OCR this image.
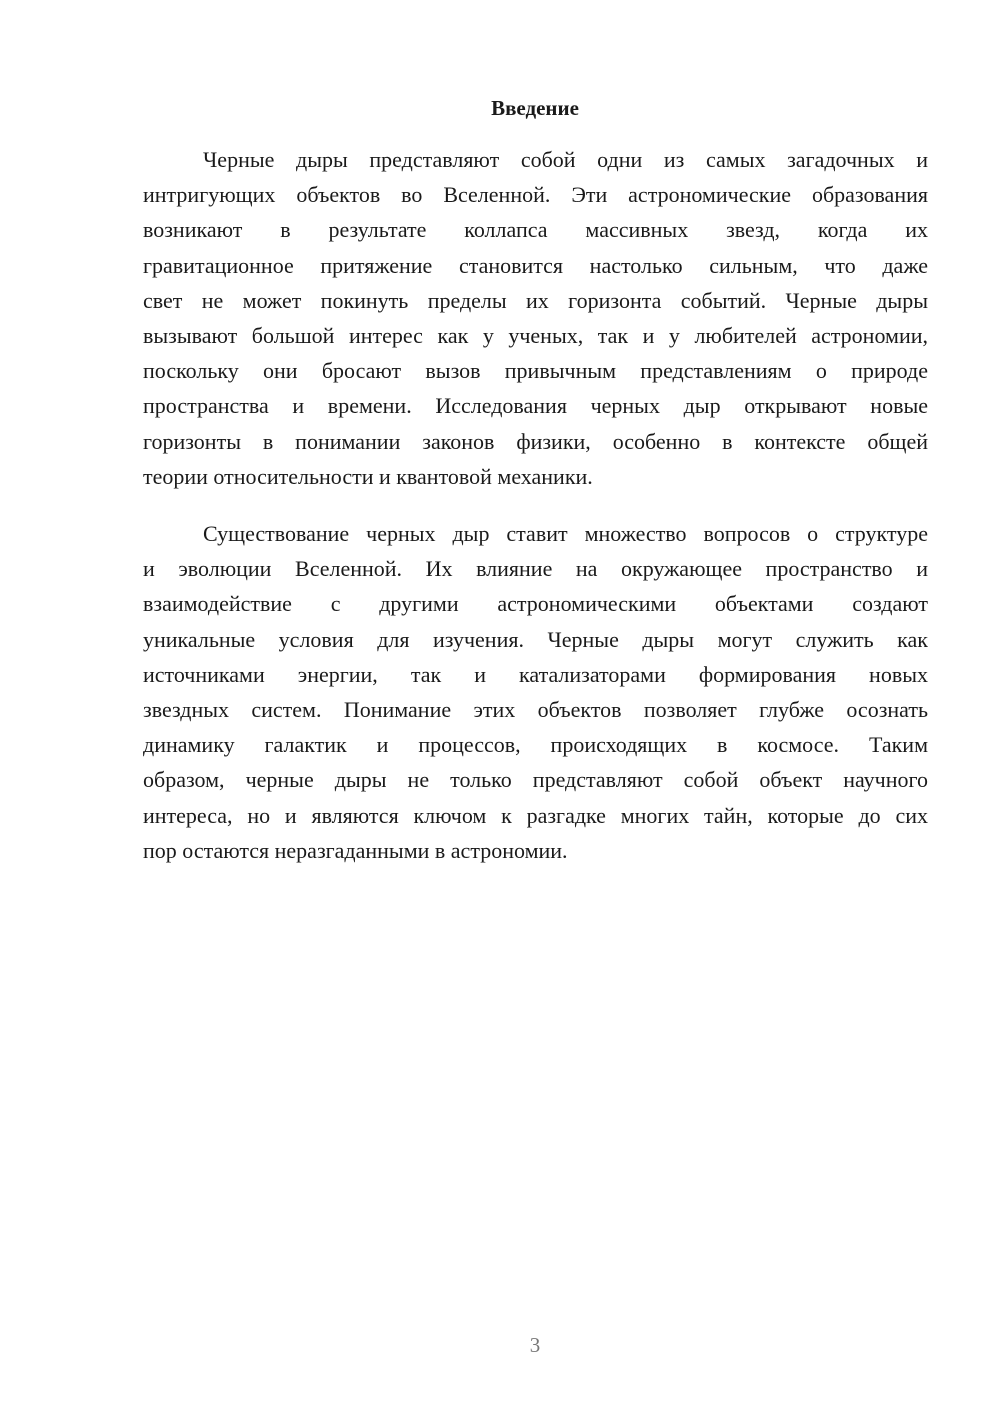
Введение
Черные дыры представляют собой одни из самых загадочных и
интригующих объектов во Вселенной. Эти астрономические образования
возникают в результате коллапса массивных звезд, когда их
гравитационное притяжение становится настолько сильным, что даже
свет не может покинуть пределы их горизонта событий. Черные дыры
вызывают большой интерес как у ученых, так и у любителей астрономии,
поскольку они бросают вызов привычным представлениям о природе
пространства и времени. Исследования черных дыр открывают новые
горизонты в понимании законов физики, особенно в контексте общей
теории относительности и квантовой механики.
Существование черных дыр ставит множество вопросов о структуре
и эволюции Вселенной. Их влияние на окружающее пространство и
взаимодействие с другими астрономическими объектами создают
уникальные условия для изучения. Черные дыры могут служить как
источниками энергии, так и катализаторами формирования новых
звездных систем. Понимание этих объектов позволяет глубже осознать
динамику галактик и процессов, происходящих в космосе. Таким
образом, черные дыры не только представляют собой объект научного
интереса, но и являются ключом к разгадке многих тайн, которые до сих
пор остаются неразгаданными в астрономии.
3
